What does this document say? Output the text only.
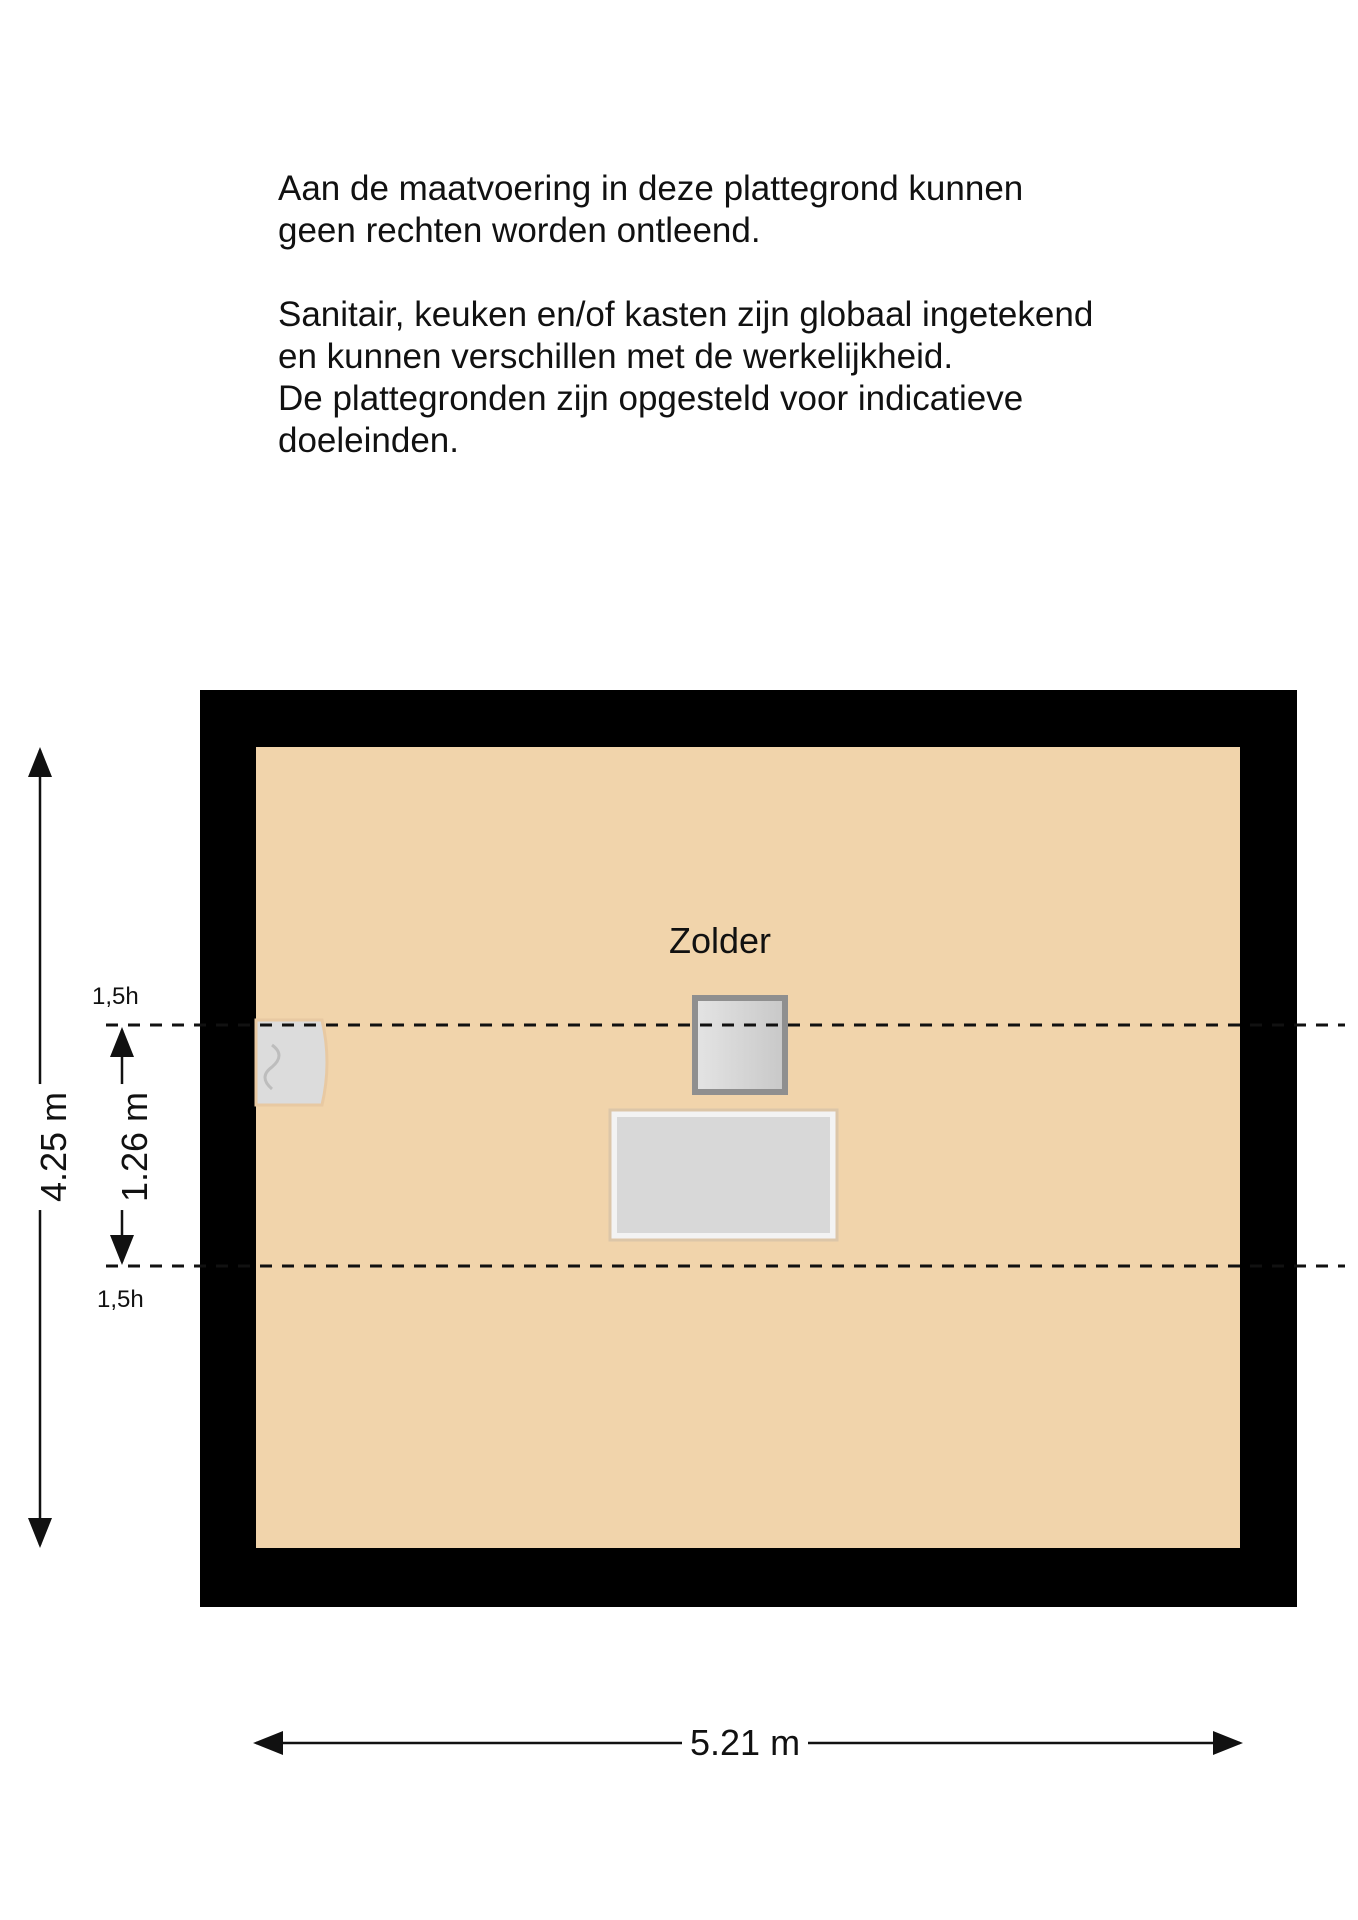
Aan de maatvoering in deze plattegrond kunnen
geen rechten worden ontleend.

Sanitair, keuken en/of kasten zijn globaal ingetekend
en kunnen verschillen met de werkelijkheid.
De plattegronden zijn opgesteld voor indicatieve
doeleinden.

Zolder
1,5h
1,5h
5.21 m
4.25 m 1.26 m
